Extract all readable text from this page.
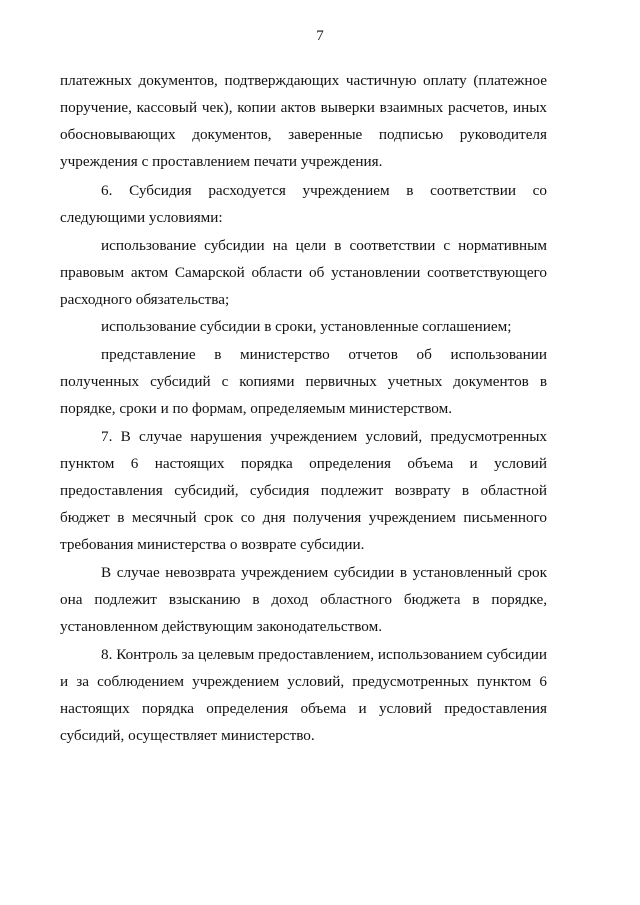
7
платежных документов, подтверждающих частичную оплату (платежное
поручение, кассовый чек), копии актов выверки взаимных расчетов, иных
обосновывающих документов, заверенные подписью руководителя
учреждения с проставлением печати учреждения.
6. Субсидия расходуется учреждением в соответствии со
следующими условиями:
использование субсидии на цели в соответствии с нормативным
правовым актом Самарской области об установлении соответствующего
расходного обязательства;
использование субсидии в сроки, установленные соглашением;
представление в министерство отчетов об использовании
полученных субсидий с копиями первичных учетных документов в
порядке, сроки и по формам, определяемым министерством.
7. В случае нарушения учреждением условий, предусмотренных
пунктом 6 настоящих порядка определения объема и условий
предоставления субсидий, субсидия подлежит возврату в областной
бюджет в месячный срок со дня получения учреждением письменного
требования министерства о возврате субсидии.
В случае невозврата учреждением субсидии в установленный срок
она подлежит взысканию в доход областного бюджета в порядке,
установленном действующим законодательством.
8. Контроль за целевым предоставлением, использованием субсидии
и за соблюдением учреждением условий, предусмотренных пунктом 6
настоящих порядка определения объема и условий предоставления
субсидий, осуществляет министерство.
